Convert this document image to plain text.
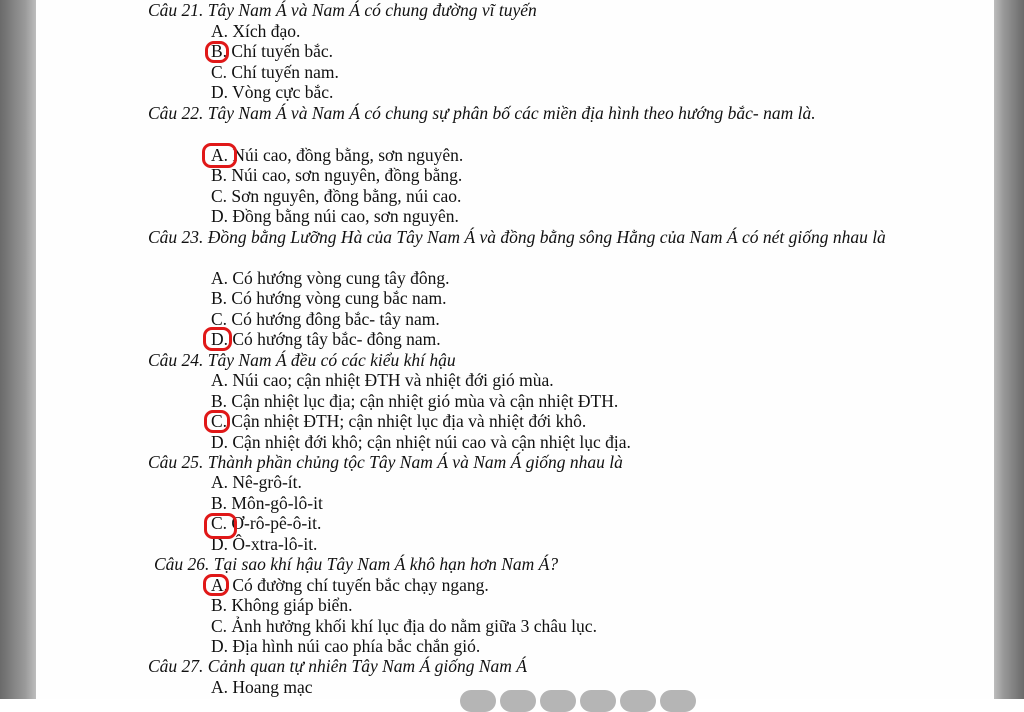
Câu 21. Tây Nam Á và Nam Á có chung đường vĩ tuyến
A. Xích đạo.
B. Chí tuyến bắc.
C. Chí tuyến nam.
D. Vòng cực bắc.
Câu 22. Tây Nam Á và Nam Á có chung sự phân bố các miền địa hình theo hướng bắc- nam là.
A. Núi cao, đồng bằng, sơn nguyên.
B. Núi cao, sơn nguyên, đồng bằng.
C. Sơn nguyên, đồng bằng, núi cao.
D. Đồng bằng núi cao, sơn nguyên.
Câu 23. Đồng bằng Lưỡng Hà của Tây Nam Á và đồng bằng sông Hằng của Nam Á có nét giống nhau là
A. Có hướng vòng cung tây đông.
B. Có hướng vòng cung bắc nam.
C. Có hướng đông bắc- tây nam.
D. Có hướng tây bắc- đông nam.
Câu 24. Tây Nam Á đều có các kiểu khí hậu
A. Núi cao; cận nhiệt ĐTH và nhiệt đới gió mùa.
B. Cận nhiệt lục địa; cận nhiệt gió mùa và cận nhiệt ĐTH.
C. Cận nhiệt ĐTH; cận nhiệt lục địa và nhiệt đới khô.
D. Cận nhiệt đới khô; cận nhiệt núi cao và cận nhiệt lục địa.
Câu 25. Thành phần chủng tộc Tây Nam Á và Nam Á giống nhau là
A. Nê-grô-ít.
B. Môn-gô-lô-it
C. Ơ-rô-pê-ô-it.
D. Ô-xtra-lô-it.
Câu 26. Tại sao khí hậu Tây Nam Á khô hạn hơn Nam Á?
A. Có đường chí tuyến bắc chạy ngang.
B. Không giáp biển.
C. Ảnh hưởng khối khí lục địa do nằm giữa 3 châu lục.
D. Địa hình núi cao phía bắc chắn gió.
Câu 27. Cảnh quan tự nhiên Tây Nam Á giống Nam Á
A. Hoang mạc
